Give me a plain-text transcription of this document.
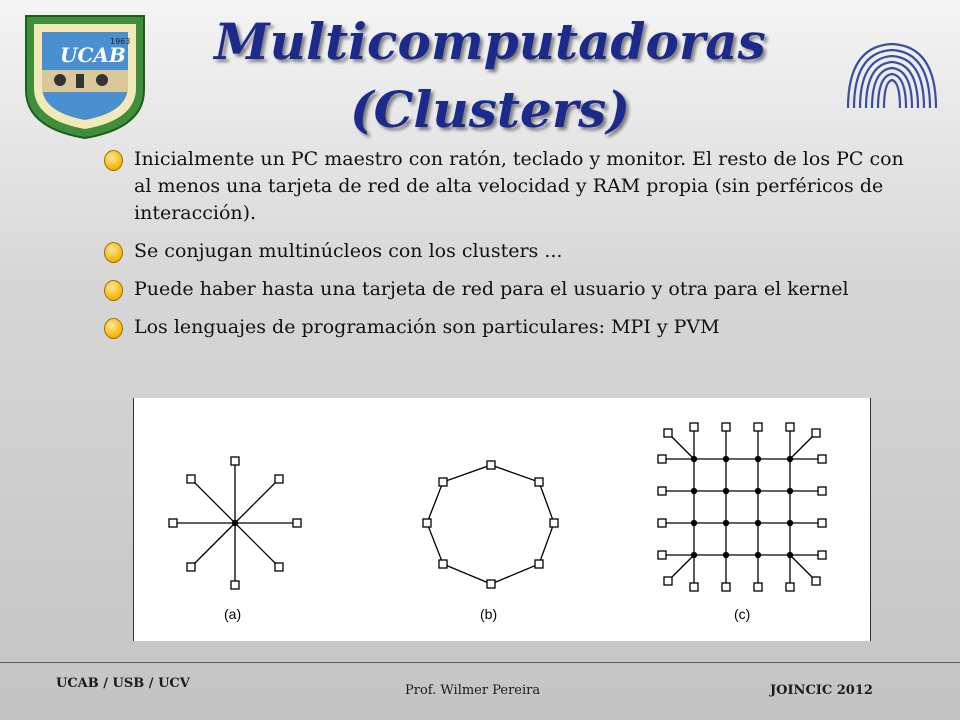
1963
UCAB	Multicomputadoras
(Clusters)
Inicialmente un PC maestro con ratón, teclado y monitor. El resto de los PC con al menos una tarjeta de red de alta velocidad y RAM propia (sin perféricos de interacción).
Se conjugan multinúcleos con los clusters ...
Puede haber hasta una tarjeta de red para el usuario y otra para el kernel
Los lenguajes de programación son particulares: MPI y PVM
(a)	(b)	(c)
UCAB / USB / UCV	Prof. Wilmer Pereira	JOINCIC 2012
